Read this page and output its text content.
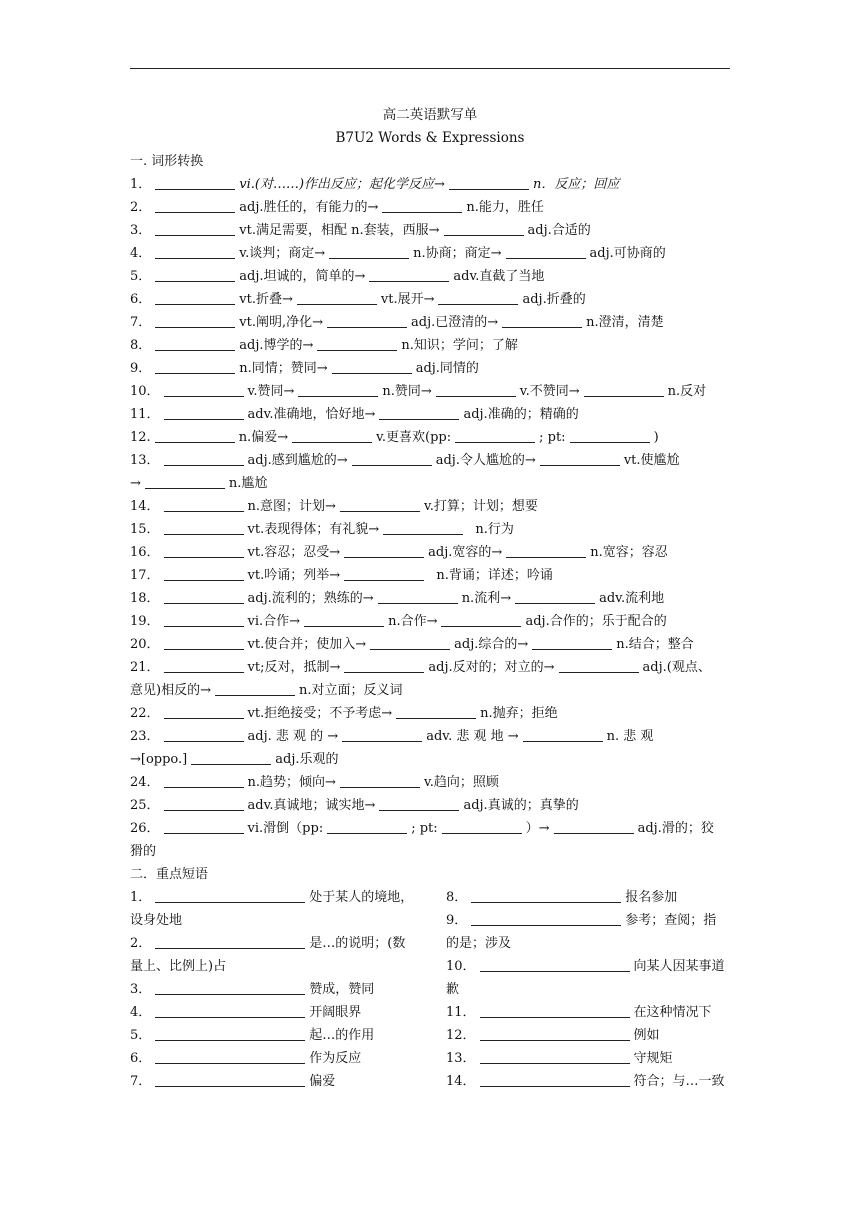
高二英语默写单
B7U2 Words & Expressions
一. 词形转换
1．	vi.(对……)作出反应；起化学反应→	n．反应；回应
2．	adj.胜任的，有能力的→	n.能力，胜任
3．	vt.满足需要，相配 n.套装，西服→	adj.合适的
4．	v.谈判；商定→	n.协商；商定→	adj.可协商的
5．	adj.坦诚的，简单的→	adv.直截了当地
6．	vt.折叠→	vt.展开→	adj.折叠的
7．	vt.阐明,净化→	adj.已澄清的→	n.澄清，清楚
8．	adj.博学的→	n.知识；学问；了解
9．	n.同情；赞同→	adj.同情的
10．	v.赞同→	n.赞同→	v.不赞同→	n.反对
11．	adv.准确地，恰好地→	adj.准确的；精确的
12.	n.偏爱→	v.更喜欢(pp:	; pt:	)
13．	adj.感到尴尬的→	adj.令人尴尬的→	vt.使尴尬
→	n.尴尬
14．	n.意图；计划→	v.打算；计划；想要
15．	vt.表现得体；有礼貌→	n.行为
16．	vt.容忍；忍受→	adj.宽容的→	n.宽容；容忍
17．	vt.吟诵；列举→	n.背诵；详述；吟诵
18．	adj.流利的；熟练的→	n.流利→	adv.流利地
19．	vi.合作→	n.合作→	adj.合作的；乐于配合的
20．	vt.使合并；使加入→	adj.综合的→	n.结合；整合
21．	vt;反对，抵制→	adj.反对的；对立的→	adj.(观点、
意见)相反的→	n.对立面；反义词
22．	vt.拒绝接受；不予考虑→	n.抛弃；拒绝
23．	adj. 悲 观 的 →	adv. 悲 观 地 →	n. 悲 观
→[oppo.]	adj.乐观的
24．	n.趋势；倾向→	v.趋向；照顾
25．	adv.真诚地；诚实地→	adj.真诚的；真挚的
26．	vi.滑倒（pp:	; pt:	）→	adj.滑的；狡
猾的
二．重点短语
1．	处于某人的境地，
设身处地
2．	是…的说明；(数
量上、比例上)占
3．	赞成，赞同
4．	开阔眼界
5．	起…的作用
6．	作为反应
7．	偏爱
8．	报名参加
9．	参考；查阅；指
的是；涉及
10．	向某人因某事道
歉
11．	在这种情况下
12．	例如
13．	守规矩
14．	符合；与…一致
